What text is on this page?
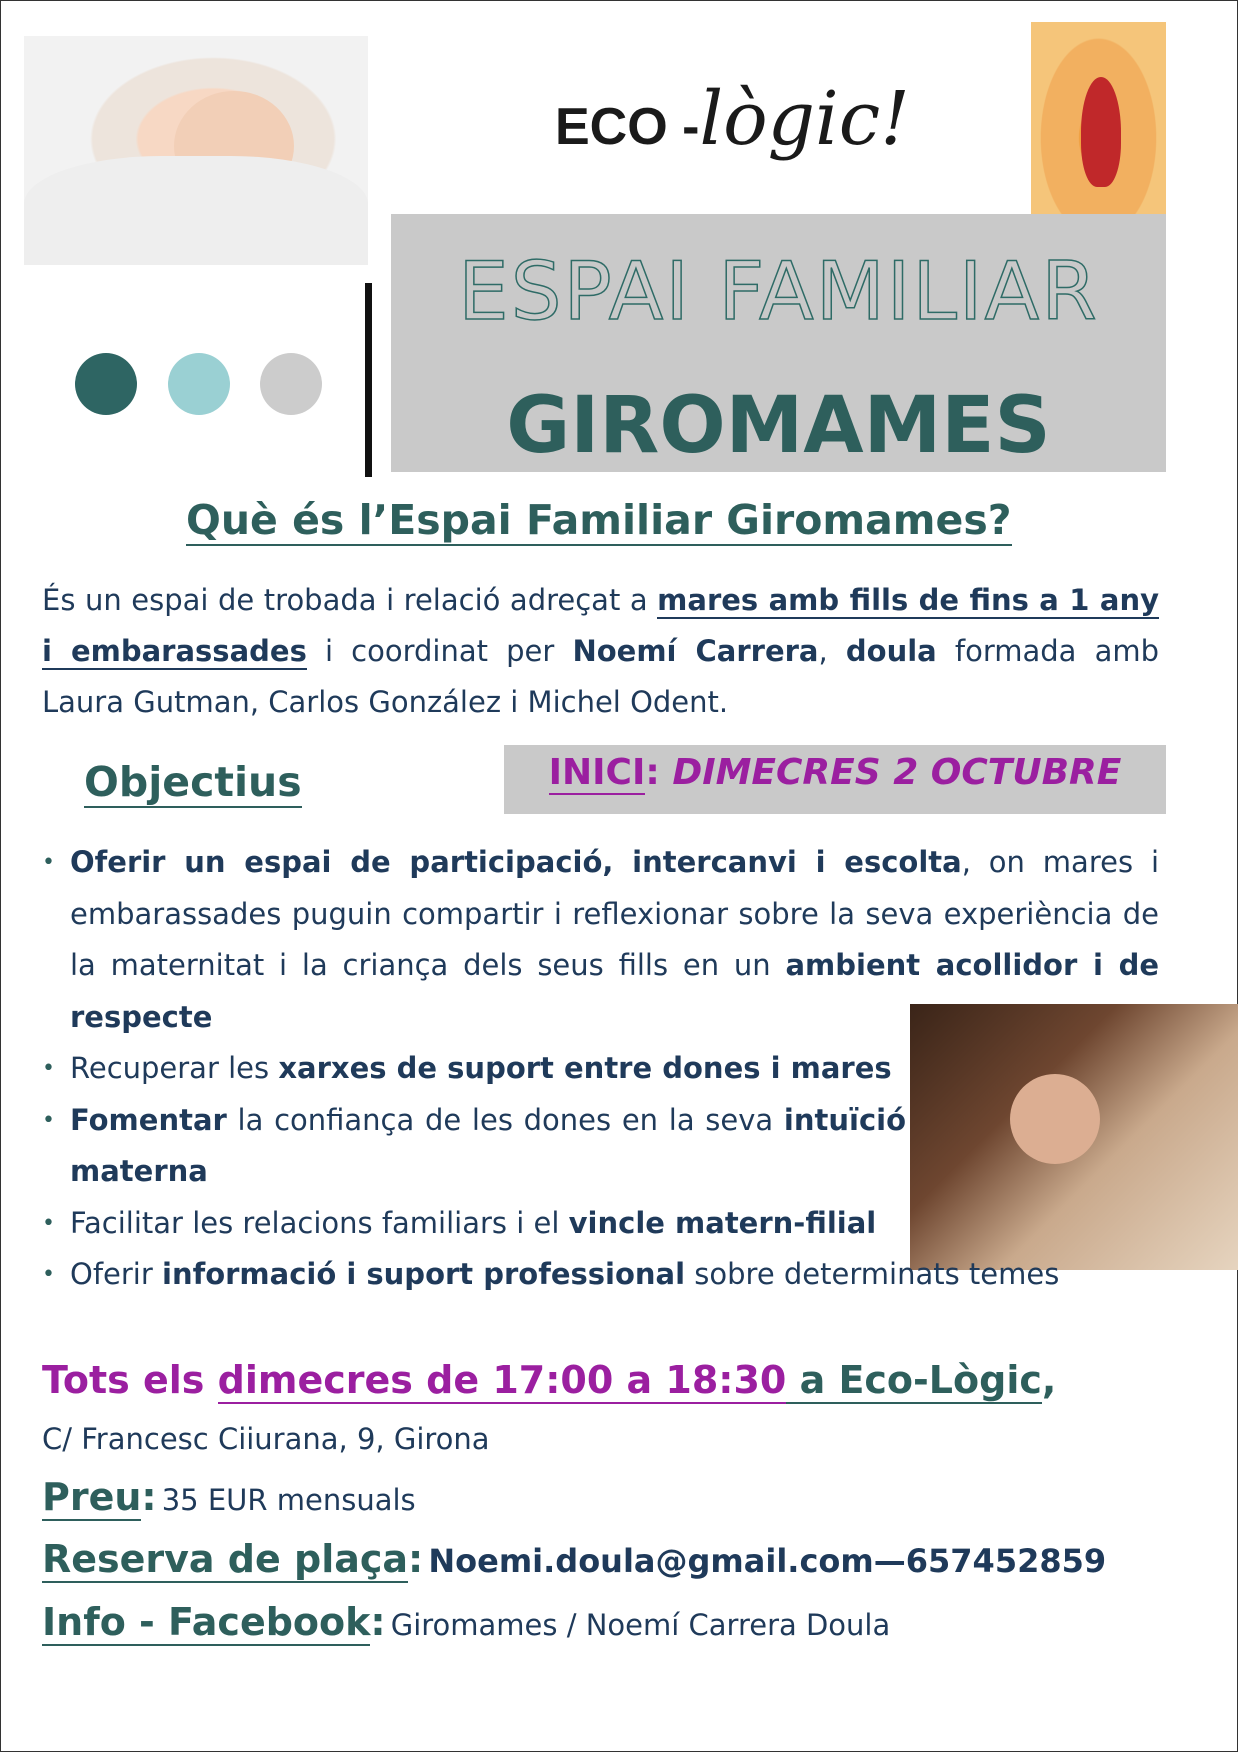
ECO -lògic!
ESPAI FAMILIAR
GIROMAMES
Què és l’Espai Familiar Giromames?
És un espai de trobada i relació adreçat a mares amb fills de fins a 1 any i embarassades i coordinat per Noemí Carrera, doula formada amb Laura Gutman, Carlos González i Michel Odent.
Objectius	INICI: DIMECRES 2 OCTUBRE
• Oferir un espai de participació, intercanvi i escolta, on mares i embarassades puguin compartir i reflexionar sobre la seva experiència de la maternitat i la criança dels seus fills en un ambient acollidor i de respecte
• Recuperar les xarxes de suport entre dones i mares
• Fomentar la confiança de les dones en la seva intuïció materna
• Facilitar les relacions familiars i el vincle matern-filial
• Oferir informació i suport professional sobre determinats temes
Tots els dimecres de 17:00 a 18:30 a Eco-Lògic,
C/ Francesc Ciiurana, 9, Girona
Preu: 35 EUR mensuals
Reserva de plaça: Noemi.doula@gmail.com—657452859
Info - Facebook: Giromames / Noemí Carrera Doula
